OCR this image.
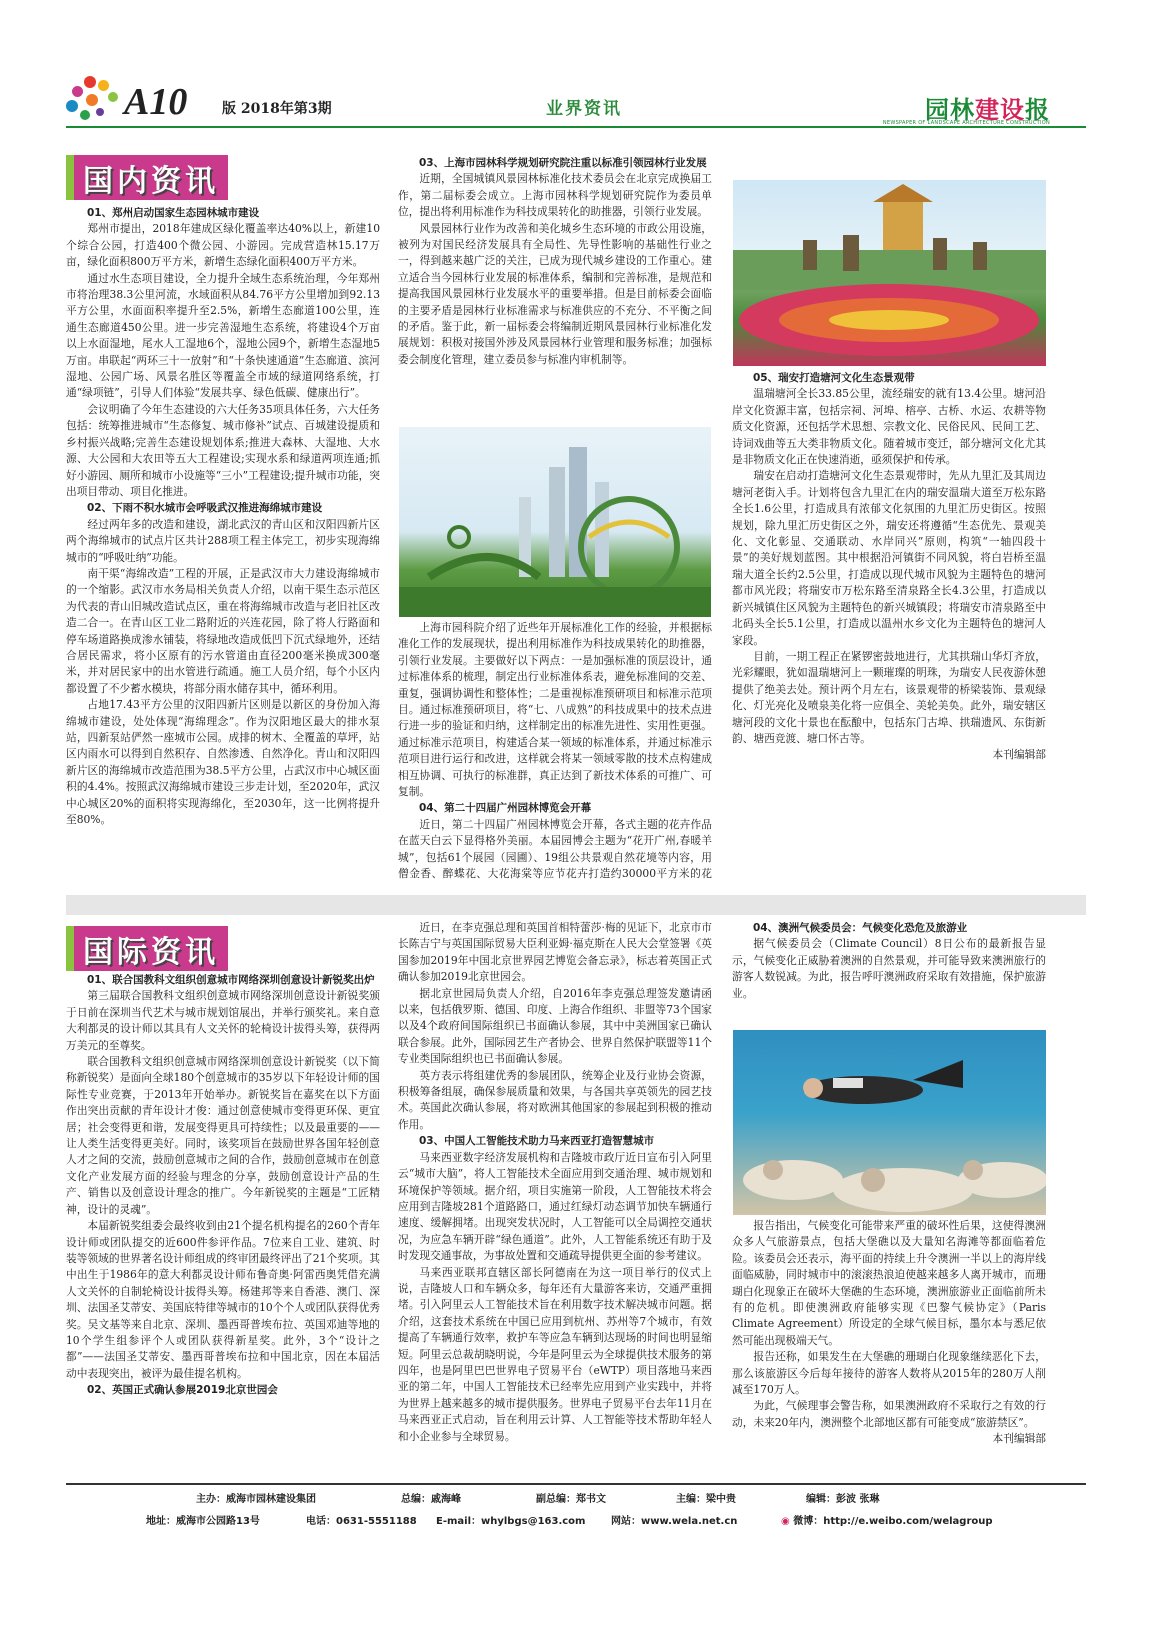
A10 版 2018年第3期	业界资讯	园林建设报
NEWSPAPER OF LANDSCAPE ARCHITECTURE CONSTRUCTION
国内资讯

01、郑州启动国家生态园林城市建设

郑州市提出，2018年建成区绿化覆盖率达40%以上，新建10个综合公园，打造400个微公园、小游园。完成营造林15.17万亩，绿化面积800万平方米，新增生态绿化面积400万平方米。

通过水生态项目建设，全力提升全域生态系统治理，今年郑州市将治理38.3公里河流，水域面积从84.76平方公里增加到92.13平方公里，水面面积率提升至2.5%，新增生态廊道100公里，连通生态廊道450公里。进一步完善湿地生态系统，将建设4个万亩以上水面湿地，尾水人工湿地6个，湿地公园9个，新增生态湿地5万亩。串联起“两环三十一放射”和“十条快速通道”生态廊道、滨河湿地、公园广场、风景名胜区等覆盖全市域的绿道网络系统，打通“绿项链”，引导人们体验“发展共享、绿色低碳、健康出行”。

会议明确了今年生态建设的六大任务35项具体任务，六大任务包括：统筹推进城市“生态修复、城市修补”试点、百城建设提质和乡村振兴战略;完善生态建设规划体系;推进大森林、大湿地、大水源、大公园和大农田等五大工程建设;实现水系和绿道两项连通;抓好小游园、厕所和城市小设施等“三小”工程建设;提升城市功能，突出项目带动、项目化推进。

02、下雨不积水城市会呼吸武汉推进海绵城市建设

经过两年多的改造和建设，湖北武汉的青山区和汉阳四新片区两个海绵城市的试点片区共计288项工程主体完工，初步实现海绵城市的“呼吸吐纳”功能。

南干渠“海绵改造”工程的开展，正是武汉市大力建设海绵城市的一个缩影。武汉市水务局相关负责人介绍，以南干渠生态示范区为代表的青山旧城改造试点区，重在将海绵城市改造与老旧社区改造二合一。在青山区工业二路附近的兴连花园，除了将人行路面和停车场道路换成渗水铺装，将绿地改造成低凹下沉式绿地外，还结合居民需求，将小区原有的污水管道由直径200毫米换成300毫米，并对居民家中的出水管进行疏通。施工人员介绍，每个小区内都设置了不少蓄水模块，将部分雨水储存其中，循环利用。

占地17.43平方公里的汉阳四新片区则是以新区的身份加入海绵城市建设，处处体现“海绵理念”。作为汉阳地区最大的排水泵站，四新泵站俨然一座城市公园。成排的树木、全覆盖的草坪，站区内雨水可以得到自然积存、自然渗透、自然净化。青山和汉阳四新片区的海绵城市改造范围为38.5平方公里，占武汉市中心城区面积的4.4%。按照武汉海绵城市建设三步走计划，至2020年，武汉中心城区20%的面积将实现海绵化，至2030年，这一比例将提升至80%。

03、上海市园林科学规划研究院注重以标准引领园林行业发展

近期，全国城镇风景园林标准化技术委员会在北京完成换届工作，第二届标委会成立。上海市园林科学规划研究院作为委员单位，提出将利用标准作为科技成果转化的助推器，引领行业发展。

风景园林行业作为改善和美化城乡生态环境的市政公用设施，被列为对国民经济发展具有全局性、先导性影响的基础性行业之一，得到越来越广泛的关注，已成为现代城乡建设的工作重心。建立适合当今园林行业发展的标准体系，编制和完善标准，是规范和提高我国风景园林行业发展水平的重要举措。但是目前标委会面临的主要矛盾是园林行业标准需求与标准供应的不充分、不平衡之间的矛盾。鉴于此，新一届标委会将编制近期风景园林行业标准化发展规划：积极对接国外涉及风景园林行业管理和服务标准；加强标委会制度化管理，建立委员参与标准内审机制等。

上海市园科院介绍了近些年开展标准化工作的经验，并根据标准化工作的发展现状，提出利用标准作为科技成果转化的助推器，引领行业发展。主要做好以下两点：一是加强标准的顶层设计，通过标准体系的梳理，制定出行业标准体系表，避免标准间的交差、重复，强调协调性和整体性；二是重视标准预研项目和标准示范项目。通过标准预研项目，将“七、八成熟”的科技成果中的技术点进行进一步的验证和归纳，这样制定出的标准先进性、实用性更强。通过标准示范项目，构建适合某一领域的标准体系，并通过标准示范项目进行运行和改进，这样就会将某一领域零散的技术点构建成相互协调、可执行的标准群，真正达到了新技术体系的可推广、可复制。

04、第二十四届广州园林博览会开幕

近日，第二十四届广州园林博览会开幕，各式主题的花卉作品在蓝天白云下显得格外美丽。本届园博会主题为“花开广州,春暖羊城”，包括61个展园（园圃）、19组公共景观自然花境等内容，用僧金香、醉蝶花、大花海棠等应节花卉打造约30000平方米的花

05、瑞安打造塘河文化生态景观带

温瑞塘河全长33.85公里，流经瑞安的就有13.4公里。塘河沿岸文化资源丰富，包括宗祠、河埠、榕亭、古桥、水运、农耕等物质文化资源，还包括学术思想、宗教文化、民俗民风、民间工艺、诗词戏曲等五大类非物质文化。随着城市变迁，部分塘河文化尤其是非物质文化正在快速消逝，亟须保护和传承。

瑞安在启动打造塘河文化生态景观带时，先从九里汇及其周边塘河老街入手。计划将包含九里汇在内的瑞安温瑞大道至万松东路全长1.6公里，打造成具有浓郁文化氛围的九里汇历史街区。按照规划，除九里汇历史街区之外，瑞安还将遵循“生态优先、景观美化、文化彰显、交通联动、水岸同兴”原则，构筑“一轴四段十景”的美好规划蓝图。其中根据沿河镇街不同风貌，将白岩桥至温瑞大道全长约2.5公里，打造成以现代城市风貌为主题特色的塘河都市风光段；将瑞安市万松东路至清泉路全长4.3公里，打造成以新兴城镇住区风貌为主题特色的新兴城镇段；将瑞安市清泉路至中北码头全长5.1公里，打造成以温州水乡文化为主题特色的塘河人家段。

目前，一期工程正在紧锣密鼓地进行，尤其拱瑞山华灯齐放，光彩耀眼，犹如温瑞塘河上一颗璀璨的明珠，为瑞安人民夜游休憩提供了绝美去处。预计两个月左右，该景观带的桥梁装饰、景观绿化、灯光亮化及喷泉美化将一应俱全、美轮美奂。此外，瑞安辖区塘河段的文化十景也在酝酿中，包括东门古埠、拱瑞遗风、东街新韵、塘西竞渡、塘口怀古等。

本刊编辑部

国际资讯

01、联合国教科文组织创意城市网络深圳创意设计新锐奖出炉

第三届联合国教科文组织创意城市网络深圳创意设计新锐奖颁于日前在深圳当代艺术与城市规划馆展出，并举行颁奖礼。来自意大利都灵的设计师以其具有人文关怀的轮椅设计拔得头筹，获得两万美元的至尊奖。

联合国教科文组织创意城市网络深圳创意设计新锐奖（以下简称新锐奖）是面向全球180个创意城市的35岁以下年轻设计师的国际性专业竞赛，于2013年开始举办。新锐奖旨在嘉奖在以下方面作出突出贡献的青年设计才俊：通过创意使城市变得更环保、更宜居；社会变得更和谐，发展变得更具可持续性；以及最重要的——让人类生活变得更美好。同时，该奖项旨在鼓励世界各国年轻创意人才之间的交流，鼓励创意城市之间的合作，鼓励创意城市在创意文化产业发展方面的经验与理念的分享，鼓励创意设计产品的生产、销售以及创意设计理念的推广。今年新锐奖的主题是“工匠精神，设计的灵魂”。

本届新锐奖组委会最终收到由21个提名机构提名的260个青年设计师或团队提交的近600件参评作品。7位来自工业、建筑、时装等领域的世界著名设计师组成的终审团最终评出了21个奖项。其中出生于1986年的意大利都灵设计师布鲁奇奥·阿雷西奥凭借充满人文关怀的自制轮椅设计拔得头筹。杨建邦等来自香港、澳门、深圳、法国圣艾蒂安、美国底特律等城市的10个个人或团队获得优秀奖。吴文基等来自北京、深圳、墨西哥普埃布拉、英国邓迪等地的10个学生组参评个人或团队获得新星奖。此外，3个“设计之都”——法国圣艾蒂安、墨西哥普埃布拉和中国北京，因在本届活动中表现突出，被评为最佳提名机构。

02、英国正式确认参展2019北京世园会

近日，在李克强总理和英国首相特蕾莎·梅的见证下，北京市市长陈吉宁与英国国际贸易大臣利亚姆·福克斯在人民大会堂签署《英国参加2019年中国北京世界园艺博览会备忘录》，标志着英国正式确认参加2019北京世园会。

据北京世园局负责人介绍，自2016年李克强总理签发邀请函以来，包括俄罗斯、德国、印度、上海合作组织、非盟等73个国家以及4个政府间国际组织已书面确认参展，其中中美洲国家已确认联合参展。此外，国际园艺生产者协会、世界自然保护联盟等11个专业类国际组织也已书面确认参展。

英方表示将组建优秀的参展团队，统筹企业及行业协会资源，积极筹备组展，确保参展质量和效果，与各国共享英领先的园艺技术。英国此次确认参展，将对欧洲其他国家的参展起到积极的推动作用。

03、中国人工智能技术助力马来西亚打造智慧城市

马来西亚数字经济发展机构和吉隆坡市政厅近日宣布引入阿里云“城市大脑”，将人工智能技术全面应用到交通治理、城市规划和环境保护等领域。据介绍，项目实施第一阶段，人工智能技术将会应用到吉隆坡281个道路路口，通过红绿灯动态调节加快车辆通行速度、缓解拥堵。出现突发状况时，人工智能可以全局调控交通状况，为应急车辆开辟“绿色通道”。此外，人工智能系统还有助于及时发现交通事故，为事故处置和交通疏导提供更全面的参考建议。

马来西亚联邦直辖区部长阿德南在为这一项目举行的仪式上说，吉隆坡人口和车辆众多，每年还有大量游客来访，交通严重拥堵。引入阿里云人工智能技术旨在利用数字技术解决城市问题。据介绍，这套技术系统在中国已应用到杭州、苏州等7个城市，有效提高了车辆通行效率，救护车等应急车辆到达现场的时间也明显缩短。阿里云总裁胡晓明说，今年是阿里云为全球提供技术服务的第四年，也是阿里巴巴世界电子贸易平台（eWTP）项目落地马来西亚的第二年，中国人工智能技术已经率先应用到产业实践中，并将为世界上越来越多的城市提供服务。世界电子贸易平台去年11月在马来西亚正式启动，旨在利用云计算、人工智能等技术帮助年轻人和小企业参与全球贸易。

04、澳洲气候委员会：气候变化恐危及旅游业

据气候委员会（Climate Council）8日公布的最新报告显示，气候变化正威胁着澳洲的自然景观，并可能导致来澳洲旅行的游客人数锐减。为此，报告呼吁澳洲政府采取有效措施，保护旅游业。

报告指出，气候变化可能带来严重的破坏性后果，这使得澳洲众多人气旅游景点，包括大堡礁以及大量知名海滩等都面临着危险。该委员会还表示，海平面的持续上升令澳洲一半以上的海岸线面临威胁，同时城市中的滚滚热浪迫使越来越多人离开城市，而珊瑚白化现象正在破坏大堡礁的生态环境，澳洲旅游业正面临前所未有的危机。即使澳洲政府能够实现《巴黎气候协定》（Paris Climate Agreement）所设定的全球气候目标，墨尔本与悉尼依然可能出现极端天气。

报告还称，如果发生在大堡礁的珊瑚白化现象继续恶化下去，那么该旅游区今后每年接待的游客人数将从2015年的280万人削减至170万人。

为此，气候理事会警告称，如果澳洲政府不采取行之有效的行动，未来20年内，澳洲整个北部地区都有可能变成“旅游禁区”。

本刊编辑部

主办：威海市园林建设集团	总编：戚海峰	副总编：郑书文	主编：梁中贵	编辑：彭波 张琳
地址：威海市公园路13号	电话：0631-5551188 E-mail：whylbgs@163.com	网站：www.wela.net.cn	◉ 微博：http://e.weibo.com/welagroup
